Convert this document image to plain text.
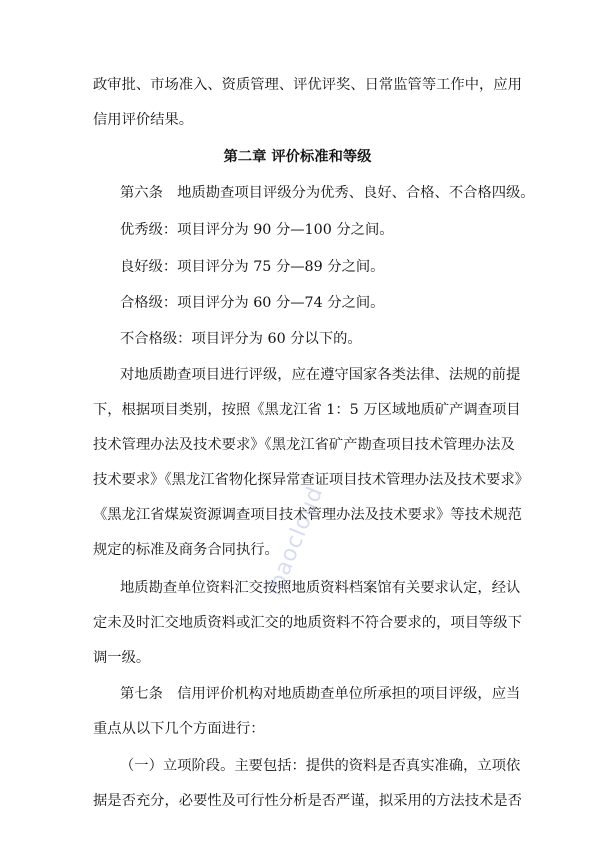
政审批、市场准入、资质管理、评优评奖、日常监管等工作中，应用
信用评价结果。
第二章 评价标准和等级
第六条　地质勘查项目评级分为优秀、良好、合格、不合格四级。
优秀级：项目评分为 90 分—100 分之间。
良好级：项目评分为 75 分—89 分之间。
合格级：项目评分为 60 分—74 分之间。
不合格级：项目评分为 60 分以下的。
对地质勘查项目进行评级，应在遵守国家各类法律、法规的前提
下，根据项目类别，按照《黑龙江省 1：5 万区域地质矿产调查项目
技术管理办法及技术要求》《黑龙江省矿产勘查项目技术管理办法及
技术要求》《黑龙江省物化探异常查证项目技术管理办法及技术要求》
《黑龙江省煤炭资源调查项目技术管理办法及技术要求》等技术规范
规定的标准及商务合同执行。
地质勘查单位资料汇交按照地质资料档案馆有关要求认定，经认
定未及时汇交地质资料或汇交的地质资料不符合要求的，项目等级下
调一级。
第七条　信用评价机构对地质勘查单位所承担的项目评级，应当
重点从以下几个方面进行：
（一）立项阶段。主要包括：提供的资料是否真实准确，立项依
据是否充分，必要性及可行性分析是否严谨，拟采用的方法技术是否
ibaocloud
